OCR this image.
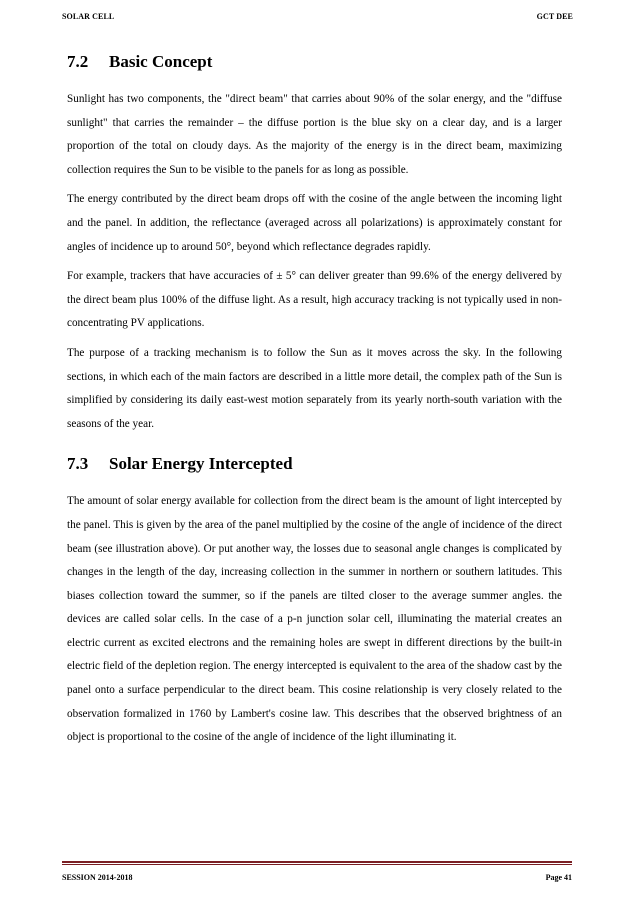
SOLAR CELL	GCT DEE
7.2	Basic Concept

Sunlight has two components, the "direct beam" that carries about 90% of the solar energy, and the "diffuse sunlight" that carries the remainder – the diffuse portion is the blue sky on a clear day, and is a larger proportion of the total on cloudy days. As the majority of the energy is in the direct beam, maximizing collection requires the Sun to be visible to the panels for as long as possible.

The energy contributed by the direct beam drops off with the cosine of the angle between the incoming light and the panel. In addition, the reflectance (averaged across all polarizations) is approximately constant for angles of incidence up to around 50°, beyond which reflectance degrades rapidly.

For example, trackers that have accuracies of ± 5° can deliver greater than 99.6% of the energy delivered by the direct beam plus 100% of the diffuse light. As a result, high accuracy tracking is not typically used in non-concentrating PV applications.

The purpose of a tracking mechanism is to follow the Sun as it moves across the sky. In the following sections, in which each of the main factors are described in a little more detail, the complex path of the Sun is simplified by considering its daily east-west motion separately from its yearly north-south variation with the seasons of the year.

7.3	Solar Energy Intercepted

The amount of solar energy available for collection from the direct beam is the amount of light intercepted by the panel. This is given by the area of the panel multiplied by the cosine of the angle of incidence of the direct beam (see illustration above). Or put another way, the losses due to seasonal angle changes is complicated by changes in the length of the day, increasing collection in the summer in northern or southern latitudes. This biases collection toward the summer, so if the panels are tilted closer to the average summer angles. the devices are called solar cells. In the case of a p-n junction solar cell, illuminating the material creates an electric current as excited electrons and the remaining holes are swept in different directions by the built-in electric field of the depletion region. The energy intercepted is equivalent to the area of the shadow cast by the panel onto a surface perpendicular to the direct beam. This cosine relationship is very closely related to the observation formalized in 1760 by Lambert's cosine law. This describes that the observed brightness of an object is proportional to the cosine of the angle of incidence of the light illuminating it.

SESSION 2014-2018	Page 41
